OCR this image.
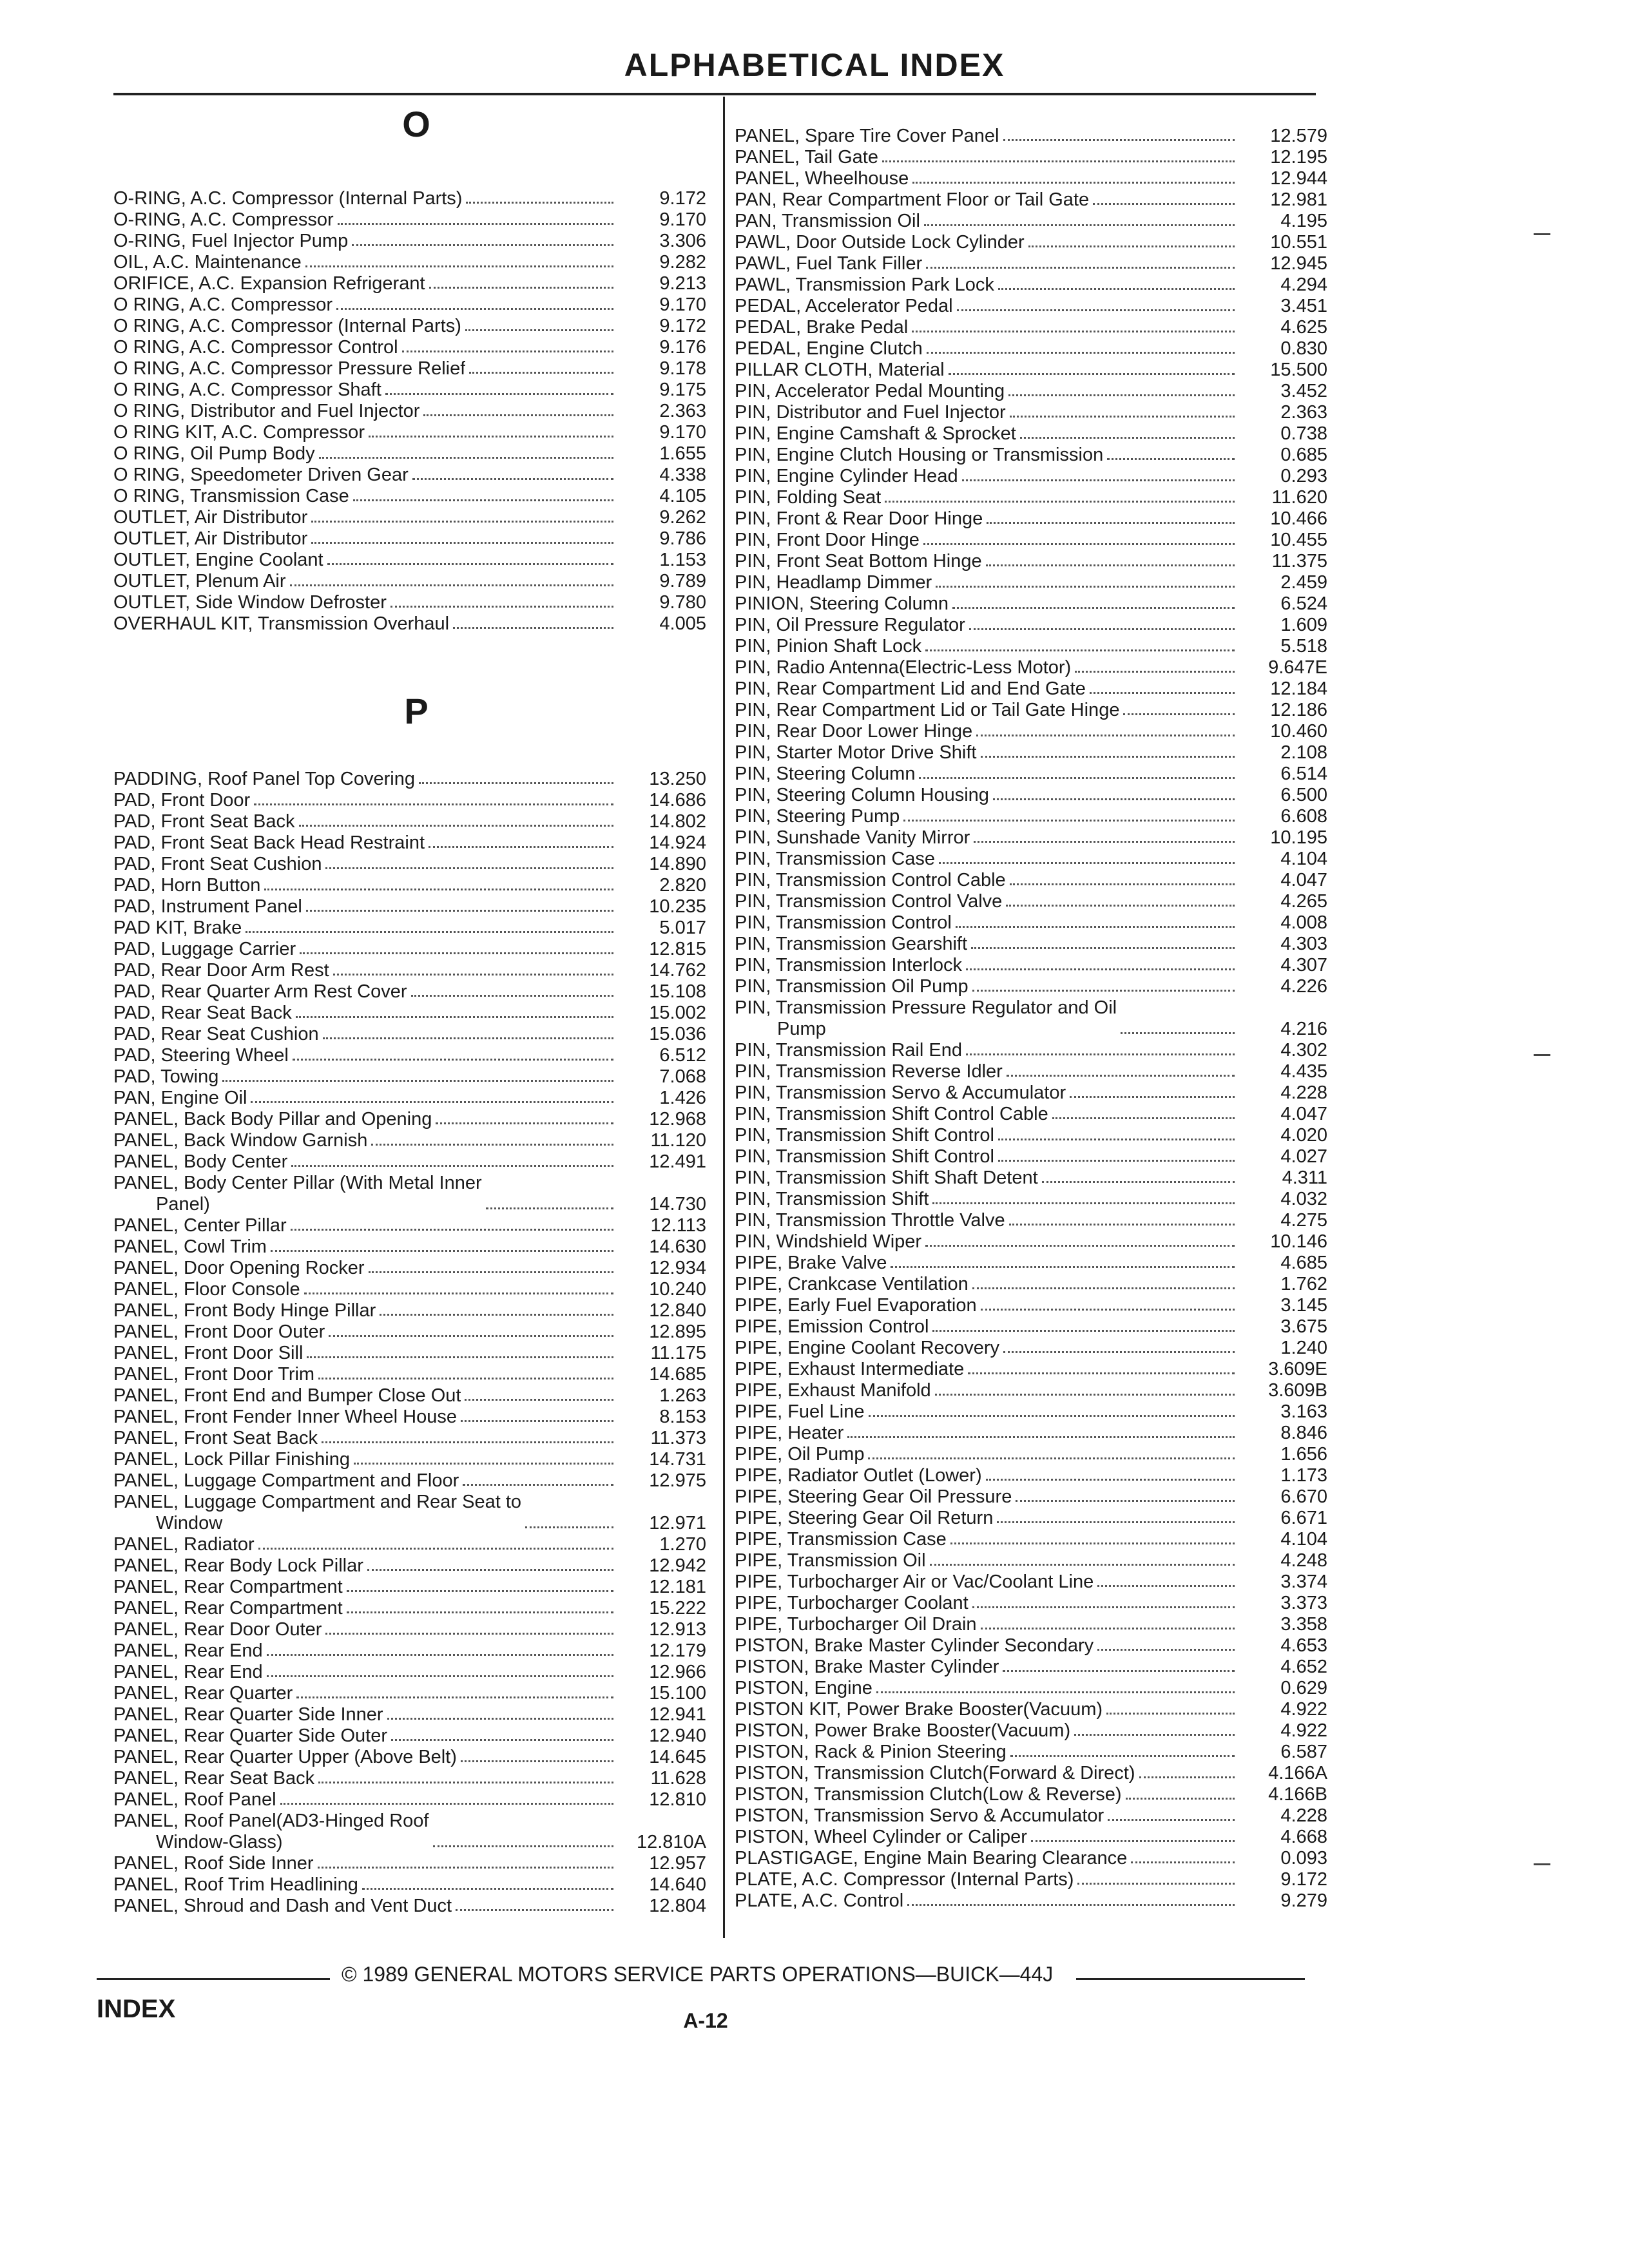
ALPHABETICAL INDEX
O
O-RING, A.C. Compressor (Internal Parts)	9.172
O-RING, A.C. Compressor	9.170
O-RING, Fuel Injector Pump	3.306
OIL, A.C. Maintenance	9.282
ORIFICE, A.C. Expansion Refrigerant	9.213
O RING, A.C. Compressor	9.170
O RING, A.C. Compressor (Internal Parts)	9.172
O RING, A.C. Compressor Control	9.176
O RING, A.C. Compressor Pressure Relief	9.178
O RING, A.C. Compressor Shaft	9.175
O RING, Distributor and Fuel Injector	2.363
O RING KIT, A.C. Compressor	9.170
O RING, Oil Pump Body	1.655
O RING, Speedometer Driven Gear	4.338
O RING, Transmission Case	4.105
OUTLET, Air Distributor	9.262
OUTLET, Air Distributor	9.786
OUTLET, Engine Coolant	1.153
OUTLET, Plenum Air	9.789
OUTLET, Side Window Defroster	9.780
OVERHAUL KIT, Transmission Overhaul	4.005
P
PADDING, Roof Panel Top Covering	13.250
PAD, Front Door	14.686
PAD, Front Seat Back	14.802
PAD, Front Seat Back Head Restraint	14.924
PAD, Front Seat Cushion	14.890
PAD, Horn Button	2.820
PAD, Instrument Panel	10.235
PAD KIT, Brake	5.017
PAD, Luggage Carrier	12.815
PAD, Rear Door Arm Rest	14.762
PAD, Rear Quarter Arm Rest Cover	15.108
PAD, Rear Seat Back	15.002
PAD, Rear Seat Cushion	15.036
PAD, Steering Wheel	6.512
PAD, Towing	7.068
PAN, Engine Oil	1.426
PANEL, Back Body Pillar and Opening	12.968
PANEL, Back Window Garnish	11.120
PANEL, Body Center	12.491
PANEL, Body Center Pillar (With Metal Inner
Panel)	14.730
PANEL, Center Pillar	12.113
PANEL, Cowl Trim	14.630
PANEL, Door Opening Rocker	12.934
PANEL, Floor Console	10.240
PANEL, Front Body Hinge Pillar	12.840
PANEL, Front Door Outer	12.895
PANEL, Front Door Sill	11.175
PANEL, Front Door Trim	14.685
PANEL, Front End and Bumper Close Out	1.263
PANEL, Front Fender Inner Wheel House	8.153
PANEL, Front Seat Back	11.373
PANEL, Lock Pillar Finishing	14.731
PANEL, Luggage Compartment and Floor	12.975
PANEL, Luggage Compartment and Rear Seat to
Window	12.971
PANEL, Radiator	1.270
PANEL, Rear Body Lock Pillar	12.942
PANEL, Rear Compartment	12.181
PANEL, Rear Compartment	15.222
PANEL, Rear Door Outer	12.913
PANEL, Rear End	12.179
PANEL, Rear End	12.966
PANEL, Rear Quarter	15.100
PANEL, Rear Quarter Side Inner	12.941
PANEL, Rear Quarter Side Outer	12.940
PANEL, Rear Quarter Upper (Above Belt)	14.645
PANEL, Rear Seat Back	11.628
PANEL, Roof Panel	12.810
PANEL, Roof Panel(AD3-Hinged Roof
Window-Glass)	12.810A
PANEL, Roof Side Inner	12.957
PANEL, Roof Trim Headlining	14.640
PANEL, Shroud and Dash and Vent Duct	12.804
PANEL, Spare Tire Cover Panel	12.579
PANEL, Tail Gate	12.195
PANEL, Wheelhouse	12.944
PAN, Rear Compartment Floor or Tail Gate	12.981
PAN, Transmission Oil	4.195
PAWL, Door Outside Lock Cylinder	10.551
PAWL, Fuel Tank Filler	12.945
PAWL, Transmission Park Lock	4.294
PEDAL, Accelerator Pedal	3.451
PEDAL, Brake Pedal	4.625
PEDAL, Engine Clutch	0.830
PILLAR CLOTH, Material	15.500
PIN, Accelerator Pedal Mounting	3.452
PIN, Distributor and Fuel Injector	2.363
PIN, Engine Camshaft & Sprocket	0.738
PIN, Engine Clutch Housing or Transmission	0.685
PIN, Engine Cylinder Head	0.293
PIN, Folding Seat	11.620
PIN, Front & Rear Door Hinge	10.466
PIN, Front Door Hinge	10.455
PIN, Front Seat Bottom Hinge	11.375
PIN, Headlamp Dimmer	2.459
PINION, Steering Column	6.524
PIN, Oil Pressure Regulator	1.609
PIN, Pinion Shaft Lock	5.518
PIN, Radio Antenna(Electric-Less Motor)	9.647E
PIN, Rear Compartment Lid and End Gate	12.184
PIN, Rear Compartment Lid or Tail Gate Hinge	12.186
PIN, Rear Door Lower Hinge	10.460
PIN, Starter Motor Drive Shift	2.108
PIN, Steering Column	6.514
PIN, Steering Column Housing	6.500
PIN, Steering Pump	6.608
PIN, Sunshade Vanity Mirror	10.195
PIN, Transmission Case	4.104
PIN, Transmission Control Cable	4.047
PIN, Transmission Control Valve	4.265
PIN, Transmission Control	4.008
PIN, Transmission Gearshift	4.303
PIN, Transmission Interlock	4.307
PIN, Transmission Oil Pump	4.226
PIN, Transmission Pressure Regulator and Oil
Pump	4.216
PIN, Transmission Rail End	4.302
PIN, Transmission Reverse Idler	4.435
PIN, Transmission Servo & Accumulator	4.228
PIN, Transmission Shift Control Cable	4.047
PIN, Transmission Shift Control	4.020
PIN, Transmission Shift Control	4.027
PIN, Transmission Shift Shaft Detent	4.311
PIN, Transmission Shift	4.032
PIN, Transmission Throttle Valve	4.275
PIN, Windshield Wiper	10.146
PIPE, Brake Valve	4.685
PIPE, Crankcase Ventilation	1.762
PIPE, Early Fuel Evaporation	3.145
PIPE, Emission Control	3.675
PIPE, Engine Coolant Recovery	1.240
PIPE, Exhaust Intermediate	3.609E
PIPE, Exhaust Manifold	3.609B
PIPE, Fuel Line	3.163
PIPE, Heater	8.846
PIPE, Oil Pump	1.656
PIPE, Radiator Outlet (Lower)	1.173
PIPE, Steering Gear Oil Pressure	6.670
PIPE, Steering Gear Oil Return	6.671
PIPE, Transmission Case	4.104
PIPE, Transmission Oil	4.248
PIPE, Turbocharger Air or Vac/Coolant Line	3.374
PIPE, Turbocharger Coolant	3.373
PIPE, Turbocharger Oil Drain	3.358
PISTON, Brake Master Cylinder Secondary	4.653
PISTON, Brake Master Cylinder	4.652
PISTON, Engine	0.629
PISTON KIT, Power Brake Booster(Vacuum)	4.922
PISTON, Power Brake Booster(Vacuum)	4.922
PISTON, Rack & Pinion Steering	6.587
PISTON, Transmission Clutch(Forward & Direct)	4.166A
PISTON, Transmission Clutch(Low & Reverse)	4.166B
PISTON, Transmission Servo & Accumulator	4.228
PISTON, Wheel Cylinder or Caliper	4.668
PLASTIGAGE, Engine Main Bearing Clearance	0.093
PLATE, A.C. Compressor (Internal Parts)	9.172
PLATE, A.C. Control	9.279
© 1989 GENERAL MOTORS SERVICE PARTS OPERATIONS—BUICK—44J
INDEX	A-12
